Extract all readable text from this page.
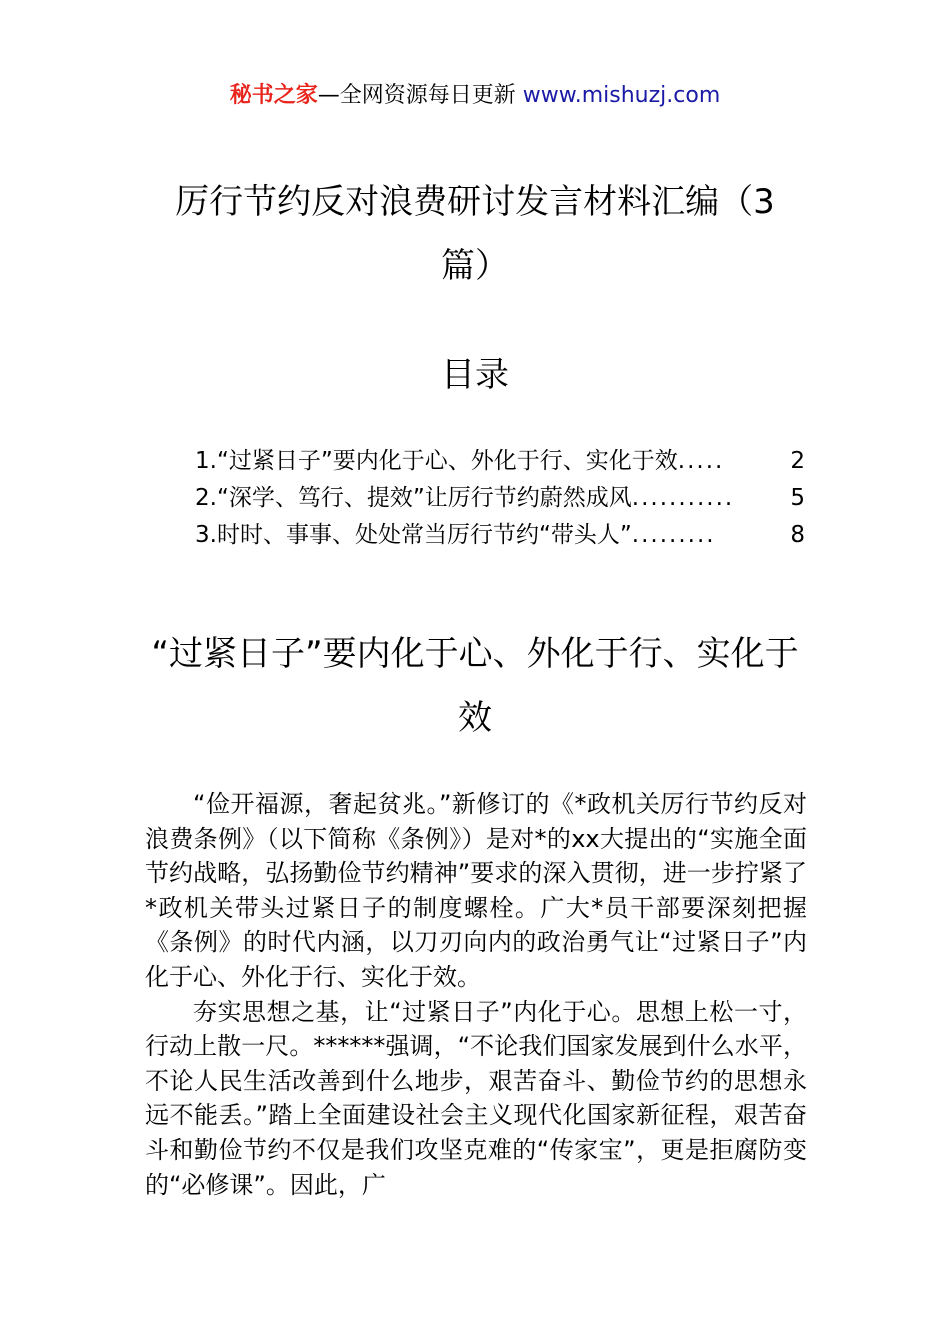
秘书之家—全网资源每日更新 www.mishuzj.com
厉行节约反对浪费研讨发言材料汇编（3篇）
目录
1.“过紧日子”要内化于心、外化于行、实化于效 .....	2
2.“深学、笃行、提效”让厉行节约蔚然成风 ...........	5
3.时时、事事、处处常当厉行节约“带头人” .........	8
“过紧日子”要内化于心、外化于行、实化于效

“俭开福源，奢起贫兆。”新修订的《*政机关厉行节约反对浪费条例》（以下简称《条例》）是对*的xx大提出的“实施全面节约战略，弘扬勤俭节约精神”要求的深入贯彻，进一步拧紧了*政机关带头过紧日子的制度螺栓。广大*员干部要深刻把握《条例》的时代内涵，以刀刃向内的政治勇气让“过紧日子”内化于心、外化于行、实化于效。

夯实思想之基，让“过紧日子”内化于心。思想上松一寸，行动上散一尺。******强调，“不论我们国家发展到什么水平，不论人民生活改善到什么地步，艰苦奋斗、勤俭节约的思想永远不能丢。”踏上全面建设社会主义现代化国家新征程，艰苦奋斗和勤俭节约不仅是我们攻坚克难的“传家宝”，更是拒腐防变的“必修课”。因此，广
